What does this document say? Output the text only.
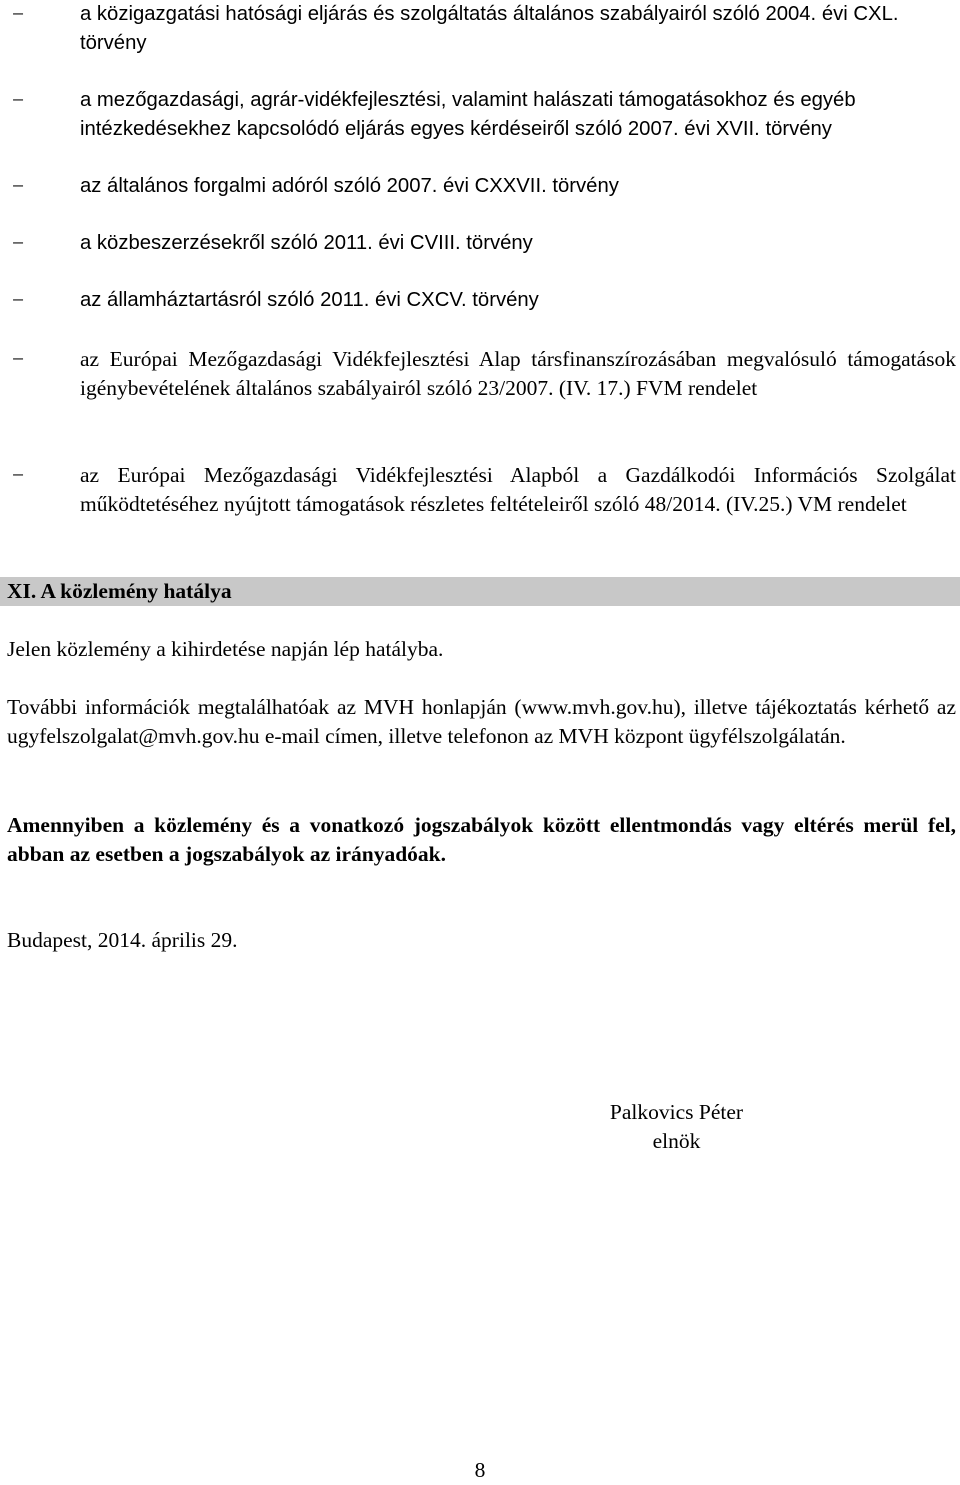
−	a közigazgatási hatósági eljárás és szolgáltatás általános szabályairól szóló 2004. évi CXL. törvény
−	a mezőgazdasági, agrár-vidékfejlesztési, valamint halászati támogatásokhoz és egyéb intézkedésekhez kapcsolódó eljárás egyes kérdéseiről szóló 2007. évi XVII. törvény
−	az általános forgalmi adóról szóló 2007. évi CXXVII. törvény
−	a közbeszerzésekről szóló 2011. évi CVIII. törvény
−	az államháztartásról szóló 2011. évi CXCV. törvény
−	az Európai Mezőgazdasági Vidékfejlesztési Alap társfinanszírozásában megvalósuló támogatások igénybevételének általános szabályairól szóló 23/2007. (IV. 17.) FVM rendelet
−	az Európai Mezőgazdasági Vidékfejlesztési Alapból a Gazdálkodói Információs Szolgálat működtetéséhez nyújtott támogatások részletes feltételeiről szóló 48/2014. (IV.25.) VM rendelet
XI. A közlemény hatálya

Jelen közlemény a kihirdetése napján lép hatályba.

További információk megtalálhatóak az MVH honlapján (www.mvh.gov.hu), illetve tájékoztatás kérhető az ugyfelszolgalat@mvh.gov.hu e-mail címen, illetve telefonon az MVH központ ügyfélszolgálatán.

Amennyiben a közlemény és a vonatkozó jogszabályok között ellentmondás vagy eltérés merül fel, abban az esetben a jogszabályok az irányadóak.

Budapest, 2014. április 29.

Palkovics Péter
elnök
8
